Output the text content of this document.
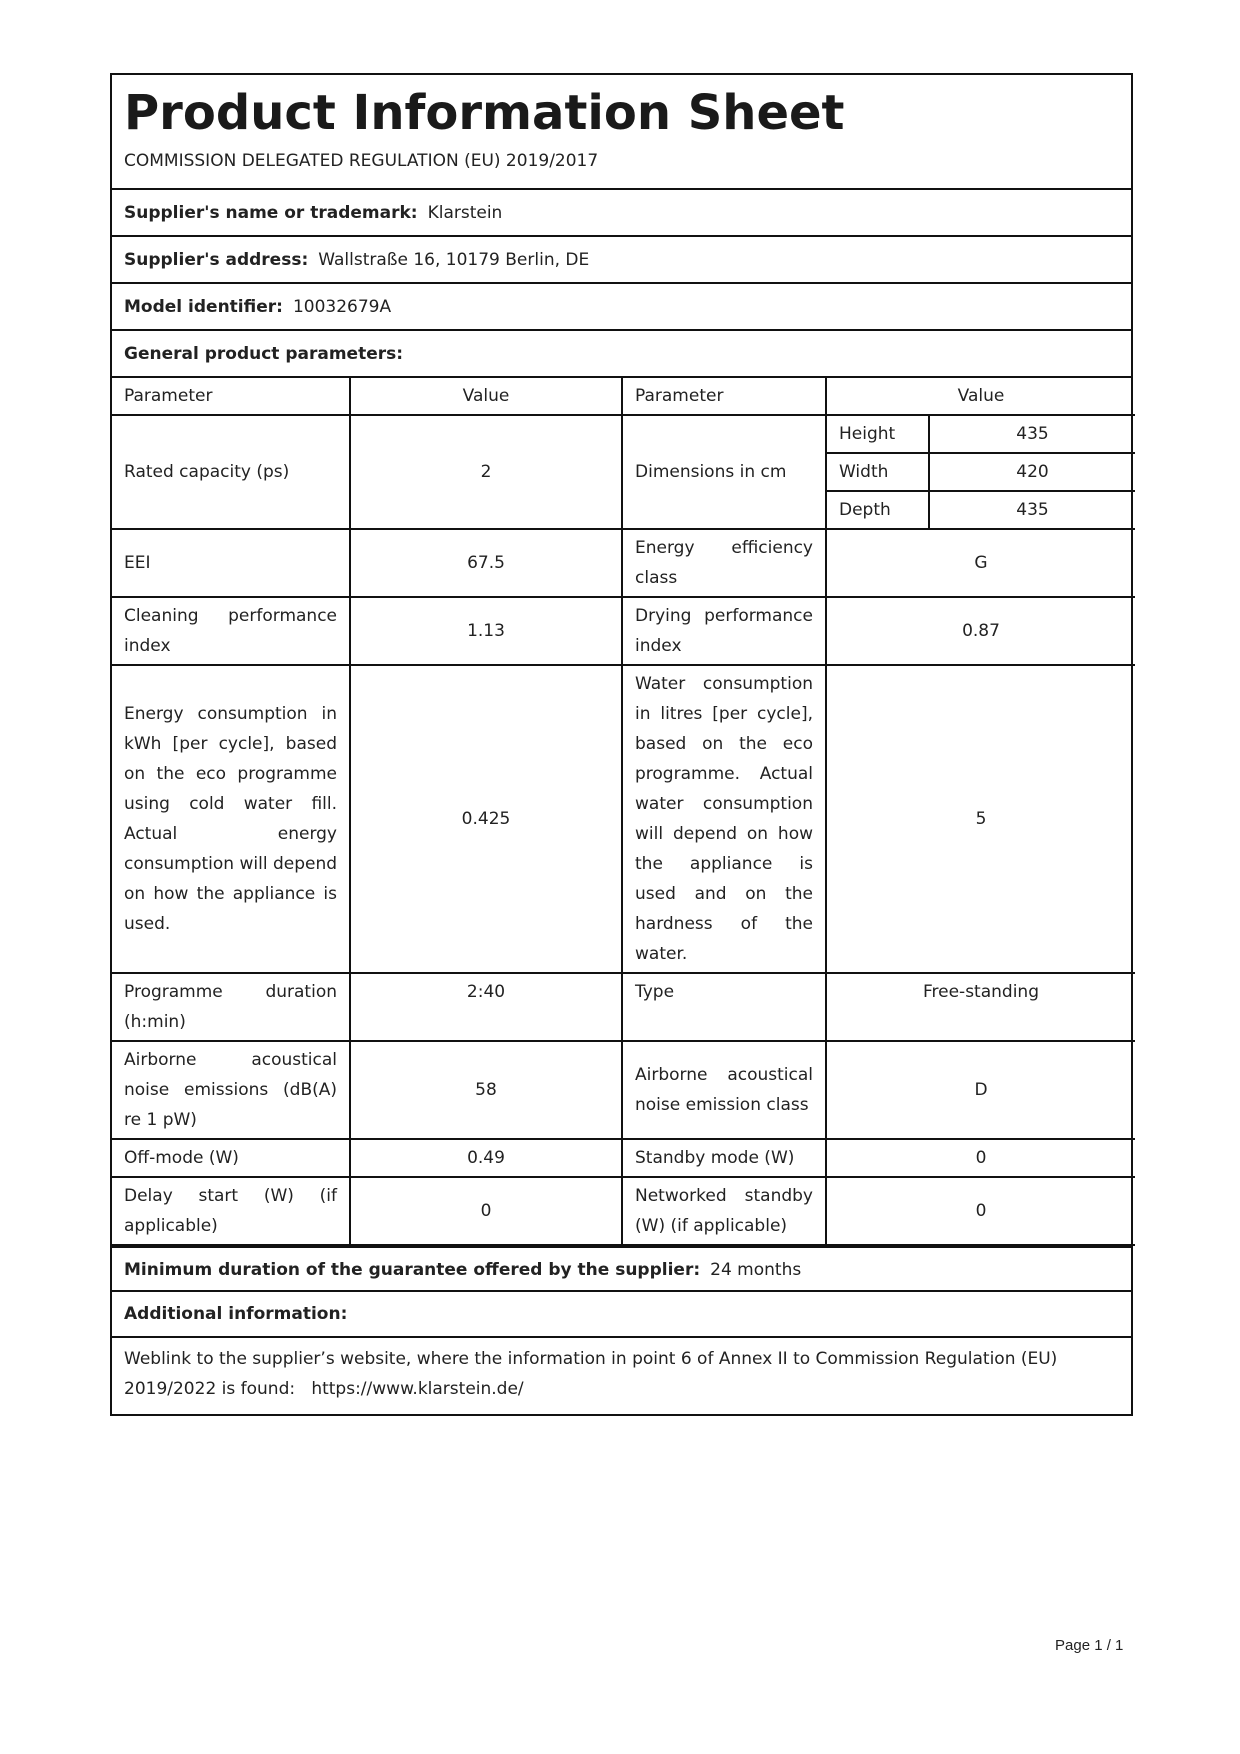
Product Information Sheet
COMMISSION DELEGATED REGULATION (EU) 2019/2017
Supplier's name or trademark: Klarstein
Supplier's address: Wallstraße 16, 10179 Berlin, DE
Model identifier: 10032679A
General product parameters:
Parameter	Value	Parameter	Value	
Rated capacity (ps)	2	Dimensions in cm	Height	435
			Width	420
			Depth	435
EEI	67.5	Energy efficiency class	G	
Cleaning performance index	1.13	Drying performance index	0.87	
Energy consumption in kWh [per cycle], based on the eco programme using cold water fill. Actual energy consumption will depend on how the appliance is used.	0.425	Water consumption in litres [per cycle], based on the eco programme. Actual water consumption will depend on how the appliance is used and on the hardness of the water.	5	
Programme duration (h:min)	2:40	Type	Free-standing	
Airborne acoustical noise emissions (dB(A) re 1 pW)	58	Airborne acoustical noise emission class	D	
Off-mode (W)	0.49	Standby mode (W)	0	
Delay start (W) (if applicable)	0	Networked standby (W) (if applicable)	0	
Minimum duration of the guarantee offered by the supplier: 24 months
Additional information:
Weblink to the supplier’s website, where the information in point 6 of Annex II to Commission Regulation (EU) 2019/2022 is found: https://www.klarstein.de/
Page 1 / 1
